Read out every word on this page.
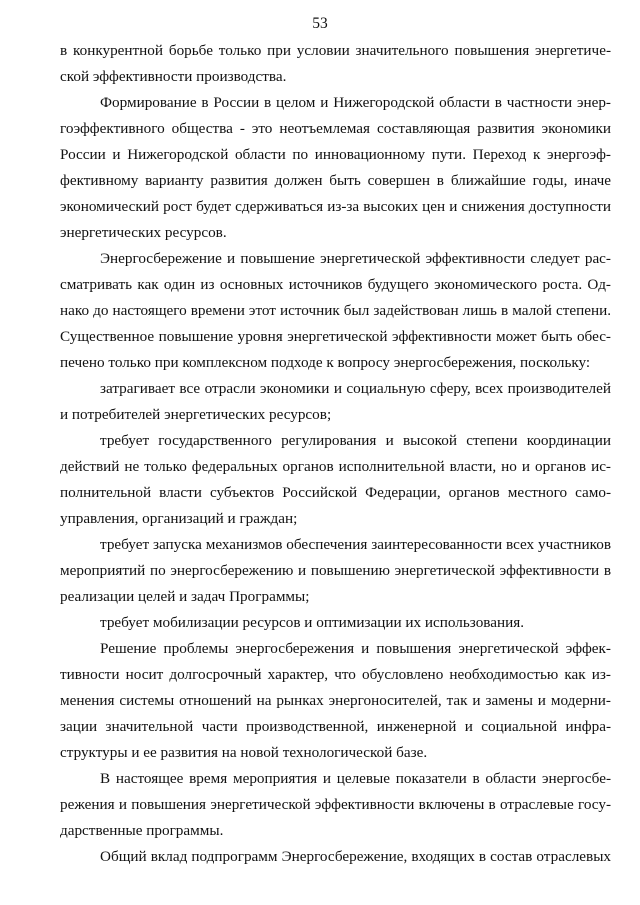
53
в конкурентной борьбе только при условии значительного повышения энергетиче-
ской эффективности производства.
Формирование в России в целом и Нижегородской области в частности энер-
гоэффективного общества - это неотъемлемая составляющая развития экономики
России и Нижегородской области по инновационному пути. Переход к энергоэф-
фективному варианту развития должен быть совершен в ближайшие годы, иначе
экономический рост будет сдерживаться из-за высоких цен и снижения доступности
энергетических ресурсов.
Энергосбережение и повышение энергетической эффективности следует рас-
сматривать как один из основных источников будущего экономического роста. Од-
нако до настоящего времени этот источник был задействован лишь в малой степени.
Существенное повышение уровня энергетической эффективности может быть обес-
печено только при комплексном подходе к вопросу энергосбережения, поскольку:
затрагивает все отрасли экономики и социальную сферу, всех производителей
и потребителей энергетических ресурсов;
требует государственного регулирования и высокой степени координации
действий не только федеральных органов исполнительной власти, но и органов ис-
полнительной власти субъектов Российской Федерации, органов местного само-
управления, организаций и граждан;
требует запуска механизмов обеспечения заинтересованности всех участников
мероприятий по энергосбережению и повышению энергетической эффективности в
реализации целей и задач Программы;
требует мобилизации ресурсов и оптимизации их использования.
Решение проблемы энергосбережения и повышения энергетической эффек-
тивности носит долгосрочный характер, что обусловлено необходимостью как из-
менения системы отношений на рынках энергоносителей, так и замены и модерни-
зации значительной части производственной, инженерной и социальной инфра-
структуры и ее развития на новой технологической базе.
В настоящее время мероприятия и целевые показатели в области энергосбе-
режения и повышения энергетической эффективности включены в отраслевые госу-
дарственные программы.
Общий вклад подпрограмм Энергосбережение, входящих в состав отраслевых
